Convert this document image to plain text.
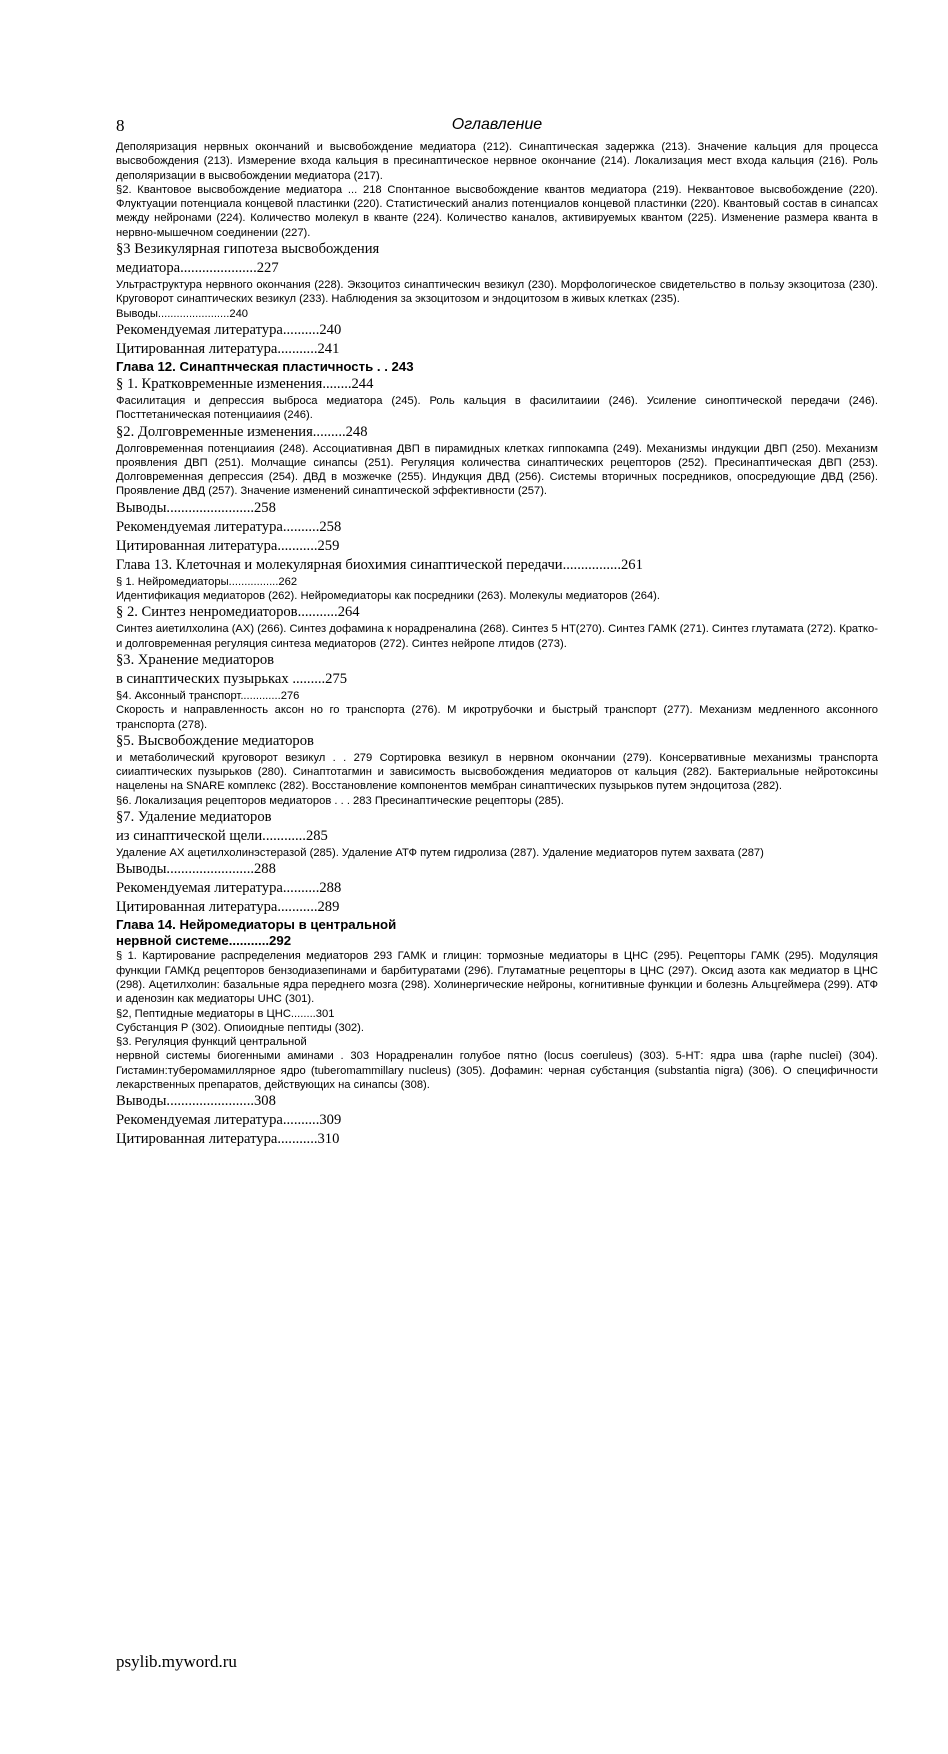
8	Оглавление
Деполяризация нервных окончаний и высвобождение медиатора (212). Синаптическая задержка (213). Значение кальция для процесса высвобождения (213). Измерение входа кальция в пресинаптическое нервное окончание (214). Локализация мест входа кальция (216). Роль деполяризации в высвобождении медиатора (217).
§2. Квантовое высвобождение медиатора ... 218 Спонтанное высвобождение квантов медиатора (219). Неквантовое высвобождение (220). Флуктуации потенциала концевой пластинки (220). Статистический анализ потенциалов концевой пластинки (220). Квантовый состав в синапсах между нейронами (224). Количество молекул в кванте (224). Количество каналов, активируемых квантом (225). Изменение размера кванта в нервно-мышечном соединении (227).
§3 Везикулярная гипотеза высвобождения
медиатора.....................227
Ультраструктура нервного окончания (228). Экзоцитоз синаптическич везикул (230). Морфологическое свидетельство в пользу экзоцитоза (230). Круговорот синаптических везикул (233). Наблюдения за экзоцитозом и эндоцитозом в живых клетках (235).
Выводы.......................240
Рекомендуемая литература..........240
Цитированная литература...........241
Глава 12. Синаптнческая пластичность . . 243
§ 1. Кратковременные изменения........244
Фасилитация и депрессия выброса медиатора (245). Роль кальция в фасилитаиии (246). Усиление синоптической передачи (246). Посттетаническая потенциаиия (246).
§2. Долговременные изменения.........248
Долговременная потенциаиия (248). Ассоциативная ДВП в пирамидных клетках гиппокампа (249). Механизмы индукции ДВП (250). Механизм проявления ДВП (251). Молчащие синапсы (251). Регуляция количества синаптических рецепторов (252). Пресинаптическая ДВП (253). Долговременная депрессия (254). ДВД в мозжечке (255). Индукция ДВД (256). Системы вторичных посредников, опосредующие ДВД (256). Проявление ДВД (257). Значение изменений синаптической эффективности (257).
Выводы........................258
Рекомендуемая литература..........258
Цитированная литература...........259
Глава 13. Клеточная и молекулярная биохимия синаптической передачи................261
§ 1. Нейромедиаторы................262
Идентификация медиаторов (262). Нейромедиаторы как посредники (263). Молекулы медиаторов (264).
§ 2. Синтез ненромедиаторов...........264
Синтез аиетилхолина (АХ) (266). Синтез дофамина к норадреналина (268). Синтез 5 НТ(270). Синтез ГАМК (271). Синтез глутамата (272). Кратко- и долговременная регуляция синтеза медиаторов (272). Синтез нейропе лтидов (273).
§3. Хранение медиаторов
в синаптических пузырьках .........275
§4. Аксонный транспорт.............276
Скорость и направленность аксон но го транспорта (276). М икротрубочки и быстрый транспорт (277). Механизм медленного аксонного транспорта (278).
§5. Высвобождение медиаторов
и метаболический круговорот везикул . . 279 Сортировка везикул в нервном окончании (279). Консервативные механизмы транспорта сииаптических пузырьков (280). Синаптотагмин и зависимость высвобождения медиаторов от кальция (282). Бактериальные нейротоксины нацелены на SNARE комплекс (282). Восстановление компонентов мембран синаптических пузырьков путем эндоцитоза (282).
§6. Локализация рецепторов медиаторов . . . 283 Пресинаптические рецепторы (285).
§7. Удаление медиаторов
из синаптической щели............285
Удаление АХ ацетилхолинэстеразой (285). Удаление АТФ путем гидролиза (287). Удаление медиаторов путем захвата (287)
Выводы........................288
Рекомендуемая литература..........288
Цитированная литература...........289
Глава 14. Нейромедиаторы в центральной
нервной системе...........292
§ 1. Картирование распределения медиаторов 293 ГАМК и глицин: тормозные медиаторы в ЦНС (295). Рецепторы ГАМК (295). Модуляция функции ГАМКд рецепторов бензодиазепинами и барбитуратами (296). Глутаматные рецепторы в ЦНС (297). Оксид азота как медиатор в ЦНС (298). Ацетилхолин: базальные ядра переднего мозга (298). Холинергические нейроны, когнитивные функции и болезнь Альцгеймера (299). АТФ и аденозин как медиаторы UHC (301).
§2, Пептидные медиаторы в ЦНС........301
Субстанция Р (302). Опиоидные пептиды (302).
§3. Регуляция функций центральной
нервной системы биогенными аминами . 303 Норадреналин голубое пятно (locus coeruleus) (303). 5-НТ: ядра шва (raphe nuclei) (304). Гистамин:туберомамиллярное ядро (tuberomammillary nucleus) (305). Дофамин: черная субстанция (substantia nigra) (306). О специфичности лекарственных препаратов, действующих на синапсы (308).
Выводы........................308
Рекомендуемая литература..........309
Цитированная литература...........310
psylib.myword.ru
